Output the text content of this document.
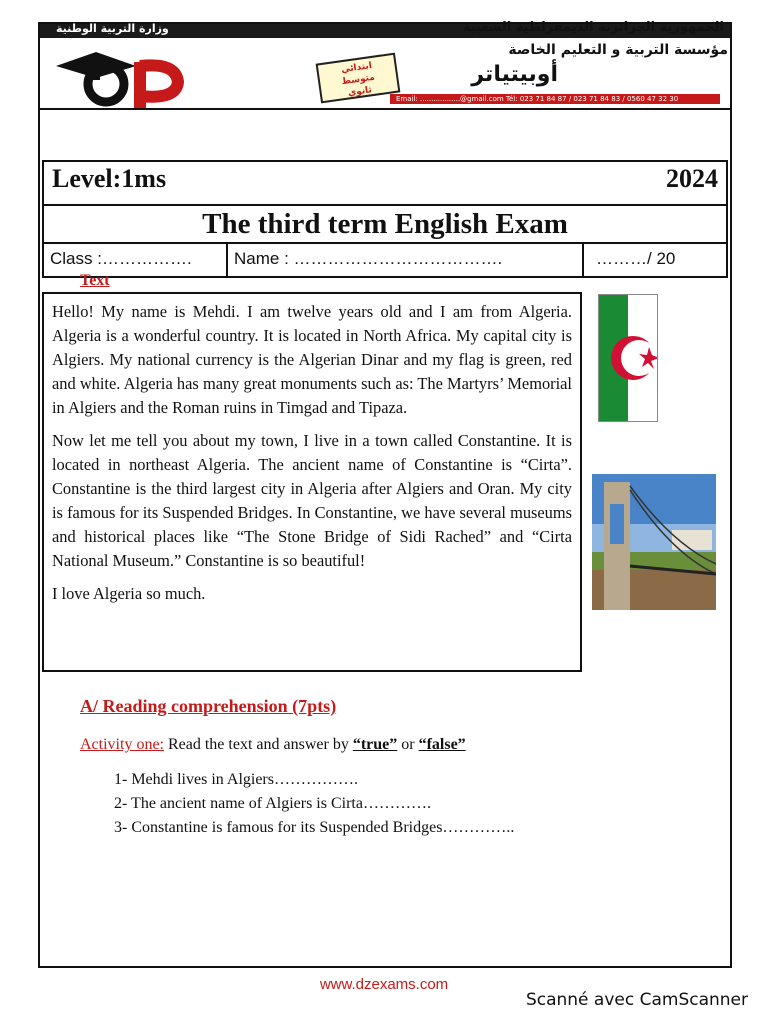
وزارة التربية الوطنية	الجمهورية الجزائرية الديمقراطية الشعبية
مؤسسة التربية و التعليم الخاصة
أوبيتياتر
Email: ..................@gmail.com Tél: 023 71 84 87 / 023 71 84 83 / 0560 47 32 30
ابتدائي
متوسط
ثانوي
Level:1ms	2024
The third term English Exam
Class :…………….	Name : ……………………………….	………/ 20
Text

Hello! My name is Mehdi. I am twelve years old and I am from Algeria. Algeria is a wonderful country. It is located in North Africa. My capital city is Algiers. My national currency is the Algerian Dinar and my flag is green, red and white. Algeria has many great monuments such as: The Martyrs’ Memorial in Algiers and the Roman ruins in Timgad and Tipaza.

Now let me tell you about my town, I live in a town called Constantine. It is located in northeast Algeria. The ancient name of Constantine is “Cirta”. Constantine is the third largest city in Algeria after Algiers and Oran. My city is famous for its Suspended Bridges. In Constantine, we have several museums and historical places like “The Stone Bridge of Sidi Rached” and “Cirta National Museum.” Constantine is so beautiful!

I love Algeria so much.

A/ Reading comprehension (7pts)
Activity one: Read the text and answer by “true” or “false”
1- Mehdi lives in Algiers…………….
2- The ancient name of Algiers is Cirta………….
3- Constantine is famous for its Suspended Bridges…………..
www.dzexams.com
Scanné avec CamScanner
